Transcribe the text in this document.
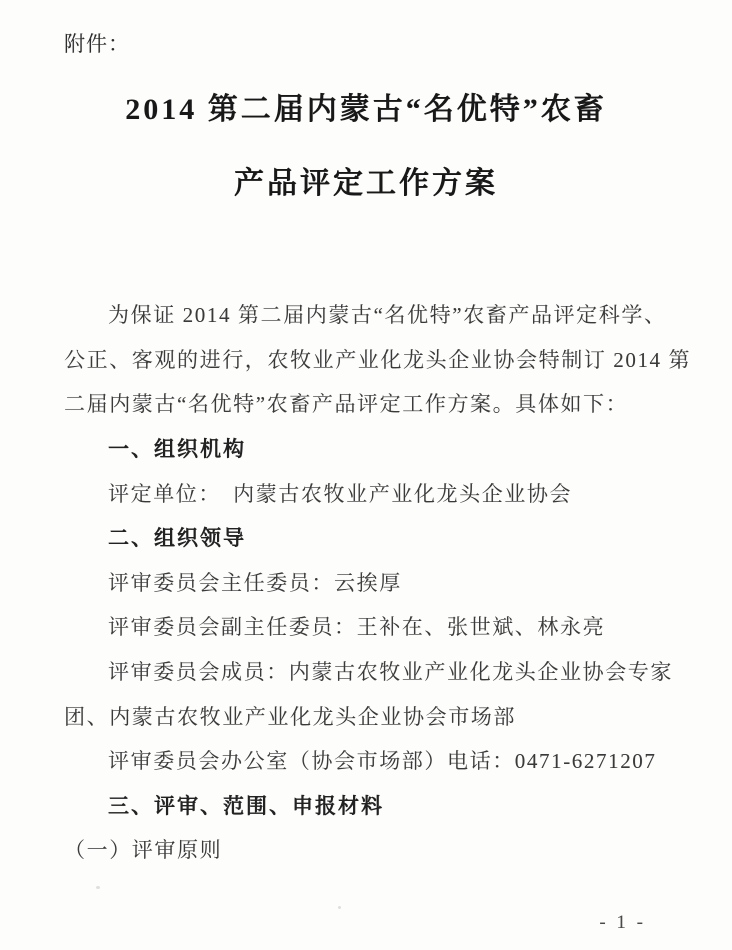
附件：
2014 第二届内蒙古“名优特”农畜
产品评定工作方案

为保证 2014 第二届内蒙古“名优特”农畜产品评定科学、

公正、客观的进行，农牧业产业化龙头企业协会特制订 2014 第

二届内蒙古“名优特”农畜产品评定工作方案。具体如下：

一、组织机构

评定单位：　内蒙古农牧业产业化龙头企业协会

二、组织领导

评审委员会主任委员：云挨厚

评审委员会副主任委员：王补在、张世斌、林永亮

评审委员会成员：内蒙古农牧业产业化龙头企业协会专家

团、内蒙古农牧业产业化龙头企业协会市场部

评审委员会办公室（协会市场部）电话：0471-6271207

三、评审、范围、申报材料

（一）评审原则

- 1 -
